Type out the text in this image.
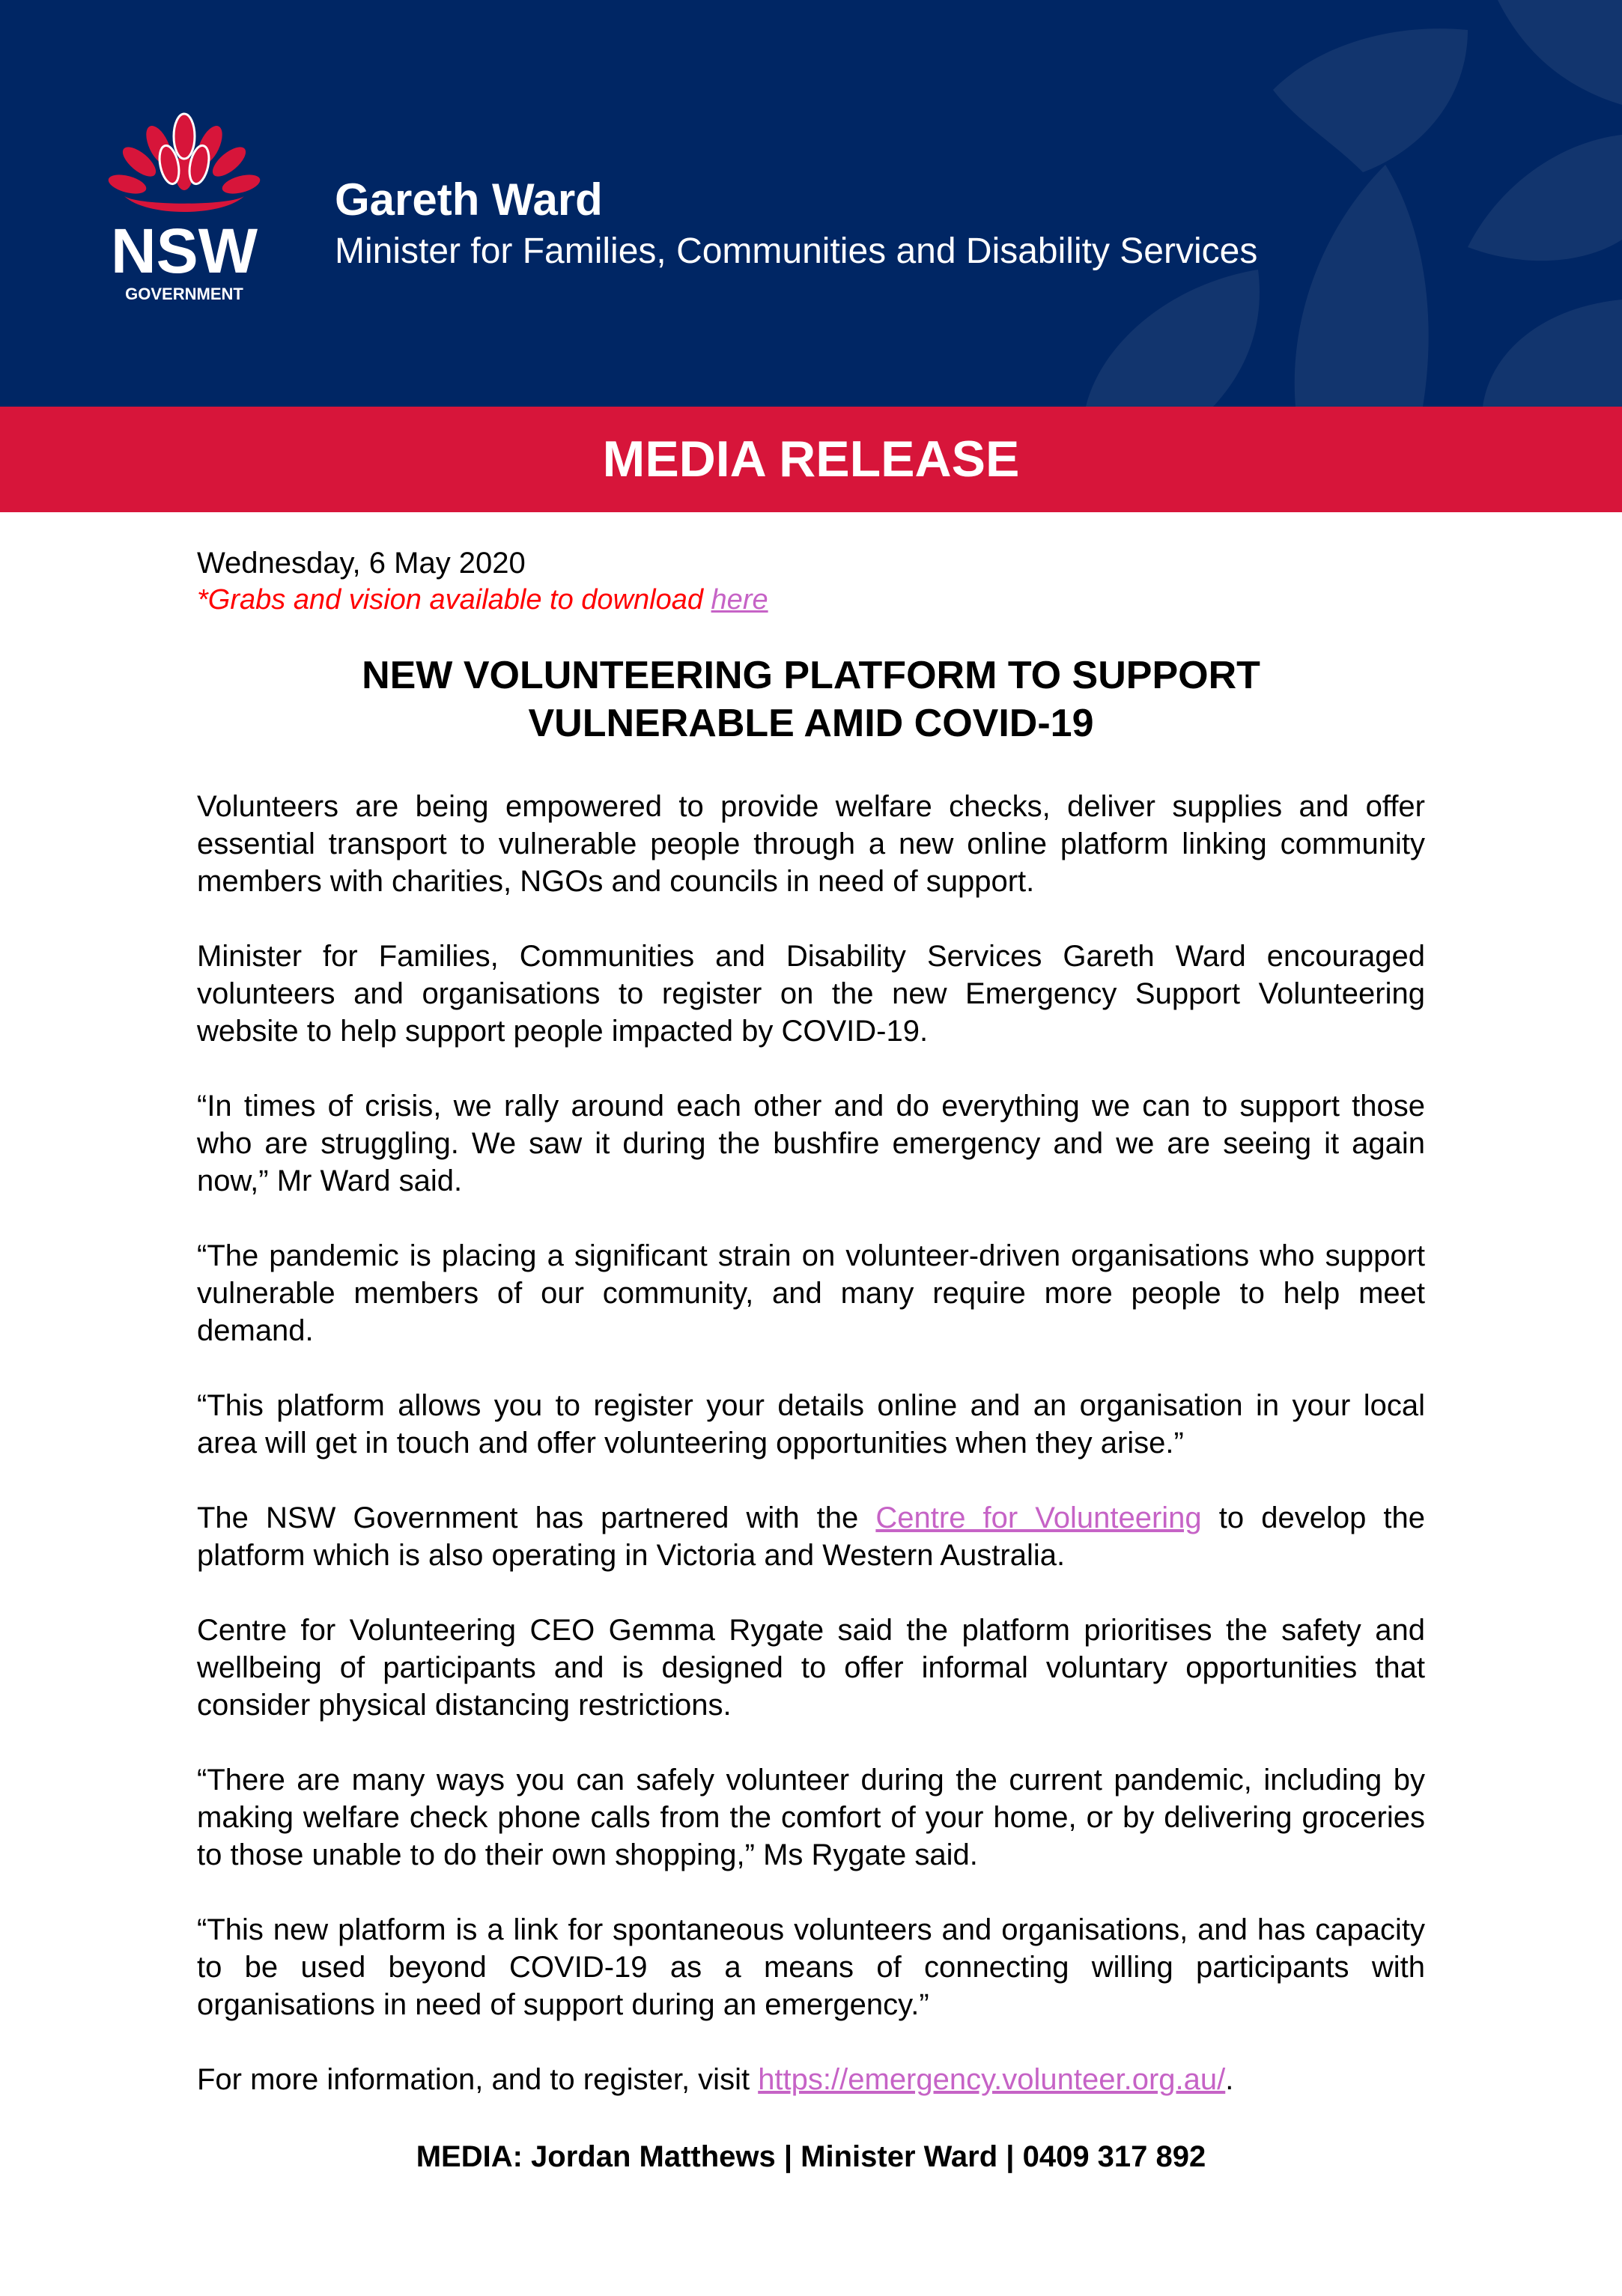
NSW
GOVERNMENT
Gareth Ward
Minister for Families, Communities and Disability Services
MEDIA RELEASE
Wednesday, 6 May 2020
*Grabs and vision available to download here
NEW VOLUNTEERING PLATFORM TO SUPPORT
VULNERABLE AMID COVID-19

Volunteers are being empowered to provide welfare checks, deliver supplies and offer essential transport to vulnerable people through a new online platform linking community members with charities, NGOs and councils in need of support.

Minister for Families, Communities and Disability Services Gareth Ward encouraged volunteers and organisations to register on the new Emergency Support Volunteering website to help support people impacted by COVID-19.

“In times of crisis, we rally around each other and do everything we can to support those who are struggling. We saw it during the bushfire emergency and we are seeing it again now,” Mr Ward said.

“The pandemic is placing a significant strain on volunteer-driven organisations who support vulnerable members of our community, and many require more people to help meet demand.

“This platform allows you to register your details online and an organisation in your local area will get in touch and offer volunteering opportunities when they arise.”

The NSW Government has partnered with the Centre for Volunteering to develop the platform which is also operating in Victoria and Western Australia.

Centre for Volunteering CEO Gemma Rygate said the platform prioritises the safety and wellbeing of participants and is designed to offer informal voluntary opportunities that consider physical distancing restrictions.

“There are many ways you can safely volunteer during the current pandemic, including by making welfare check phone calls from the comfort of your home, or by delivering groceries to those unable to do their own shopping,” Ms Rygate said.

“This new platform is a link for spontaneous volunteers and organisations, and has capacity to be used beyond COVID-19 as a means of connecting willing participants with organisations in need of support during an emergency.”

For more information, and to register, visit https://emergency.volunteer.org.au/.

MEDIA: Jordan Matthews | Minister Ward | 0409 317 892
